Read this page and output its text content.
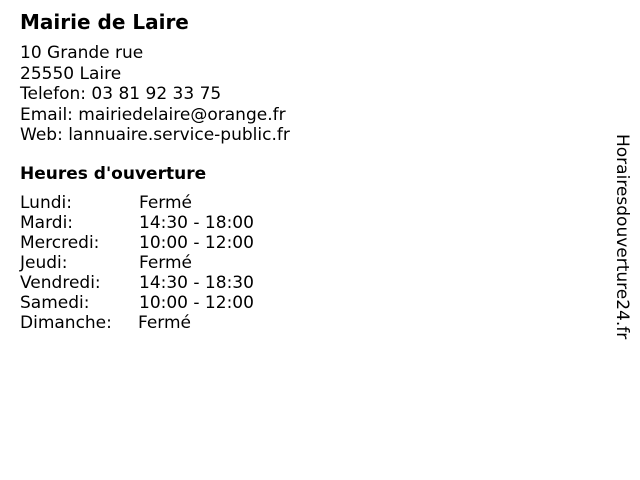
Mairie de Laire
10 Grande rue
25550 Laire
Telefon: 03 81 92 33 75
Email: mairiedelaire@orange.fr
Web: lannuaire.service-public.fr
Heures d'ouverture
Lundi:	Fermé
Mardi:	14:30 - 18:00
Mercredi: 10:00 - 12:00
Jeudi:	Fermé
Vendredi: 14:30 - 18:30
Samedi:	10:00 - 12:00
Dimanche: Fermé	Horairesdouverture24.fr
